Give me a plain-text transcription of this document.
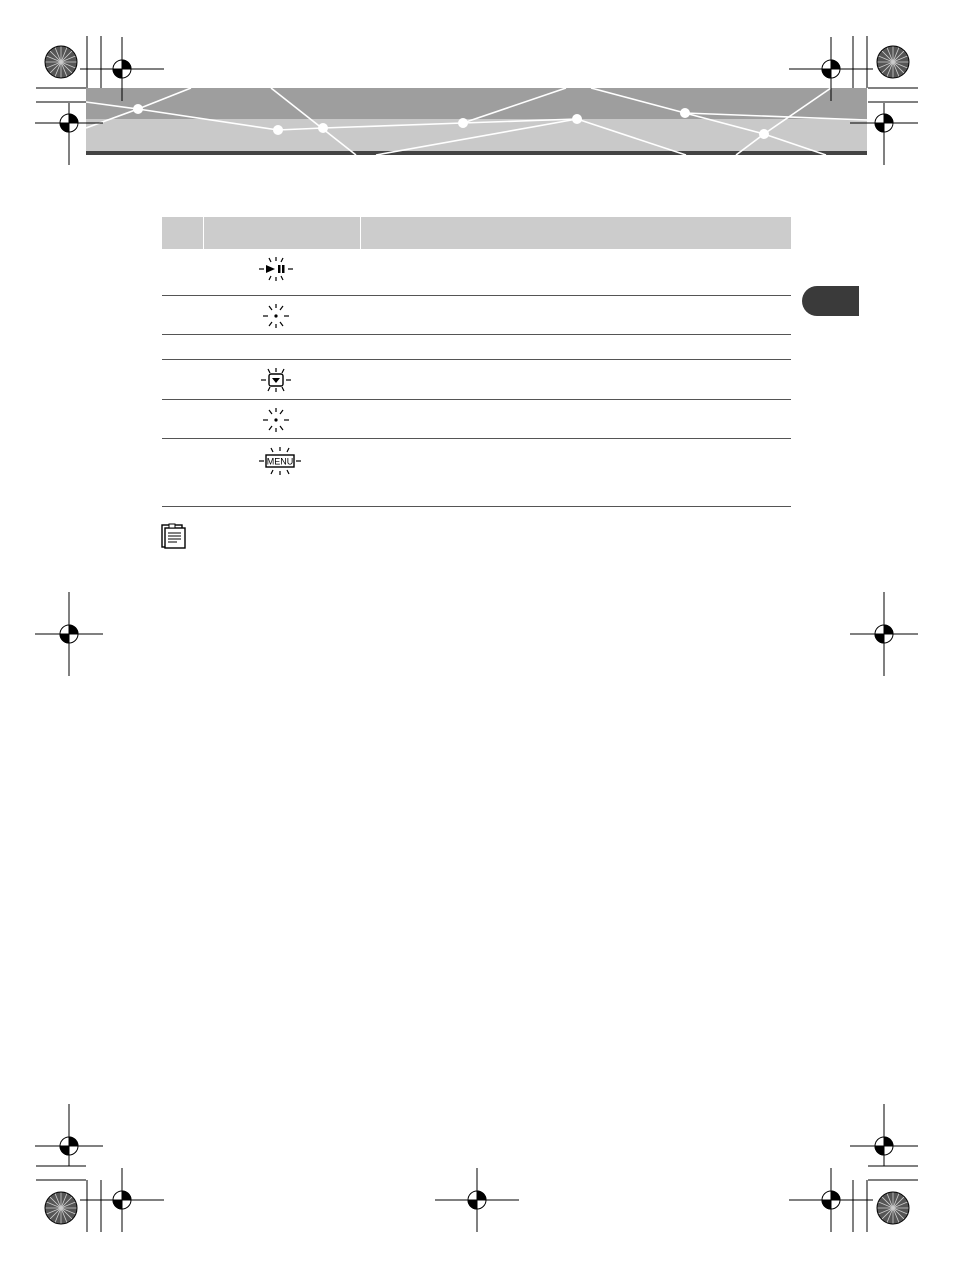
MENU	
